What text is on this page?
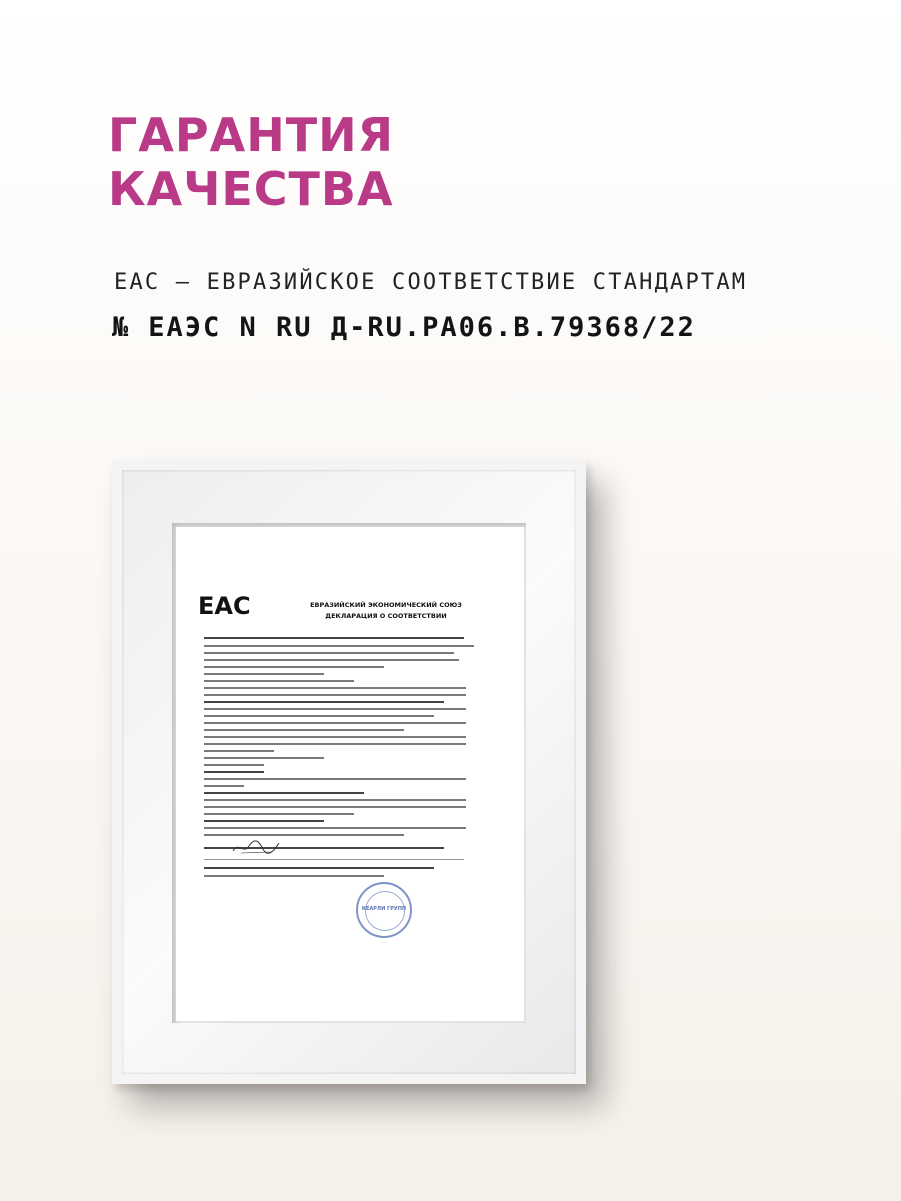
ГАРАНТИЯ
КАЧЕСТВА
ЕАС – ЕВРАЗИЙСКОЕ СООТВЕТСТВИЕ СТАНДАРТАМ
№ ЕАЭС N RU Д-RU.PA06.B.79368/22
EAC	ЕВРАЗИЙСКИЙ ЭКОНОМИЧЕСКИЙ СОЮЗ
ДЕКЛАРАЦИЯ О СООТВЕТСТВИИ
КЕАРЛИ ГРУПП
